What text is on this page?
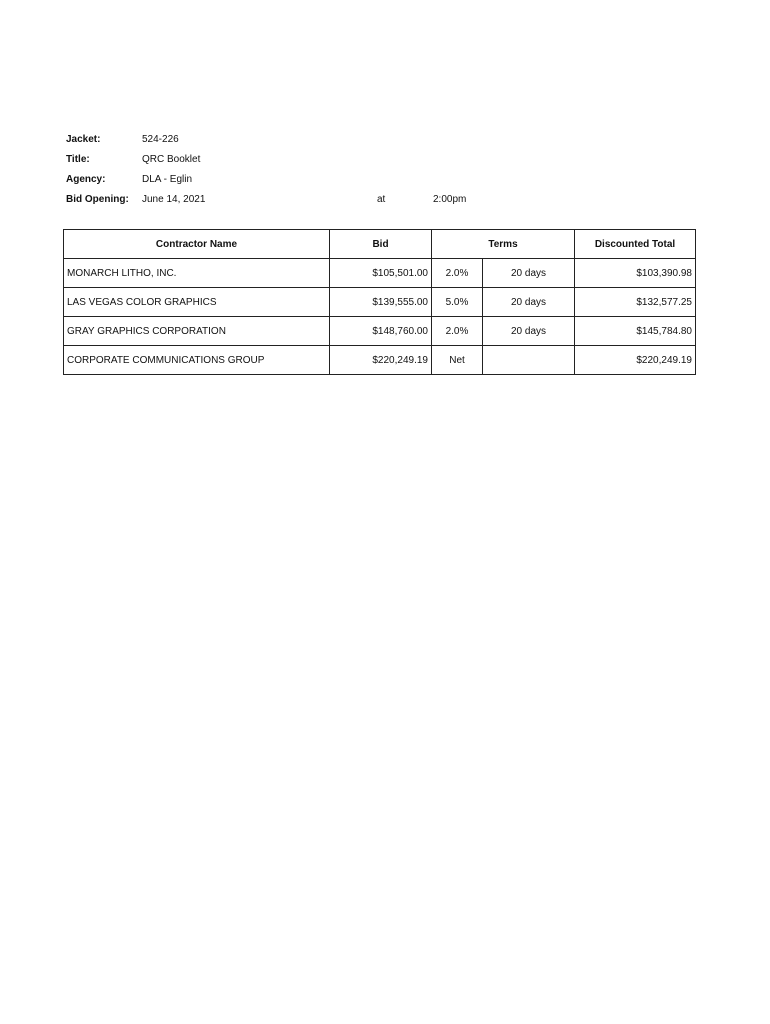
Jacket:	524-226
Title:	QRC Booklet
Agency:	DLA - Eglin
Bid Opening: June 14, 2021	at	2:00pm
Contractor Name	Bid	Terms		Discounted Total
MONARCH LITHO, INC.	$105,501.00	2.0%	20 days	$103,390.98
LAS VEGAS COLOR GRAPHICS	$139,555.00	5.0%	20 days	$132,577.25
GRAY GRAPHICS CORPORATION	$148,760.00	2.0%	20 days	$145,784.80
CORPORATE COMMUNICATIONS GROUP	$220,249.19	Net		$220,249.19
